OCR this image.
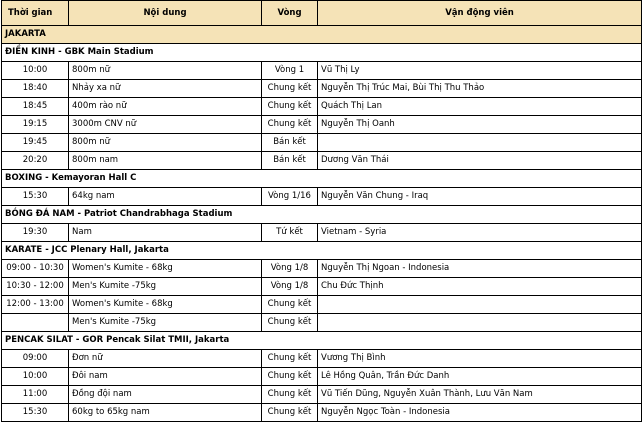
Thời gian	Nội dung	Vòng	Vận động viên
JAKARTA			
ĐIỀN KINH - GBK Main Stadium			
10:00	800m nữ	Vòng 1	Vũ Thị Ly
18:40	Nhảy xa nữ	Chung kết	Nguyễn Thị Trúc Mai, Bùi Thị Thu Thảo
18:45	400m rào nữ	Chung kết	Quách Thị Lan
19:15	3000m CNV nữ	Chung kết	Nguyễn Thị Oanh
19:45	800m nữ	Bán kết	
20:20	800m nam	Bán kết	Dương Văn Thái
BOXING - Kemayoran Hall C			
15:30	64kg nam	Vòng 1/16	Nguyễn Văn Chung - Iraq
BÓNG ĐÁ NAM - Patriot Chandrabhaga Stadium			
19:30	Nam	Tứ kết	Vietnam - Syria
KARATE - JCC Plenary Hall, Jakarta			
09:00 - 10:30	Women's Kumite - 68kg	Vòng 1/8	Nguyễn Thị Ngoan - Indonesia
10:30 - 12:00	Men's Kumite -75kg	Vòng 1/8	Chu Đức Thịnh
12:00 - 13:00	Women's Kumite - 68kg	Chung kết	
	Men's Kumite -75kg	Chung kết	
PENCAK SILAT - GOR Pencak Silat TMII, Jakarta			
09:00	Đơn nữ	Chung kết	Vương Thị Bình
10:00	Đôi nam	Chung kết	Lê Hồng Quân, Trần Đức Danh
11:00	Đồng đội nam	Chung kết	Vũ Tiến Dũng, Nguyễn Xuân Thành, Lưu Văn Nam
15:30	60kg to 65kg nam	Chung kết	Nguyễn Ngọc Toàn - Indonesia
